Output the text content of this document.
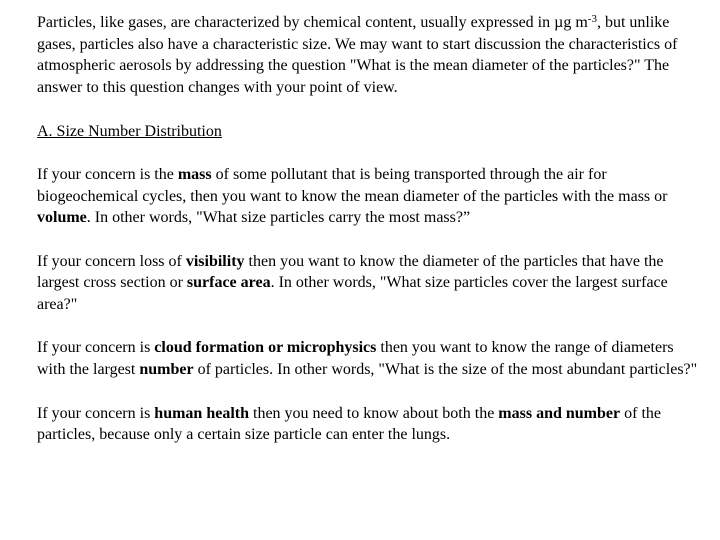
Particles, like gases, are characterized by chemical content, usually expressed in µg $m^{-3}$, but unlike gases, particles also have a characteristic size. We may want to start discussion the characteristics of atmospheric aerosols by addressing the question "What is the mean diameter of the particles?" The answer to this question changes with your point of view.

A. Size Number Distribution

If your concern is the mass of some pollutant that is being transported through the air for biogeochemical cycles, then you want to know the mean diameter of the particles with the mass or volume. In other words, "What size particles carry the most mass?”

If your concern loss of visibility then you want to know the diameter of the particles that have the largest cross section or surface area. In other words, "What size particles cover the largest surface area?"

If your concern is cloud formation or microphysics then you want to know the range of diameters with the largest number of particles. In other words, "What is the size of the most abundant particles?"

If your concern is human health then you need to know about both the mass and number of the particles, because only a certain size particle can enter the lungs.
